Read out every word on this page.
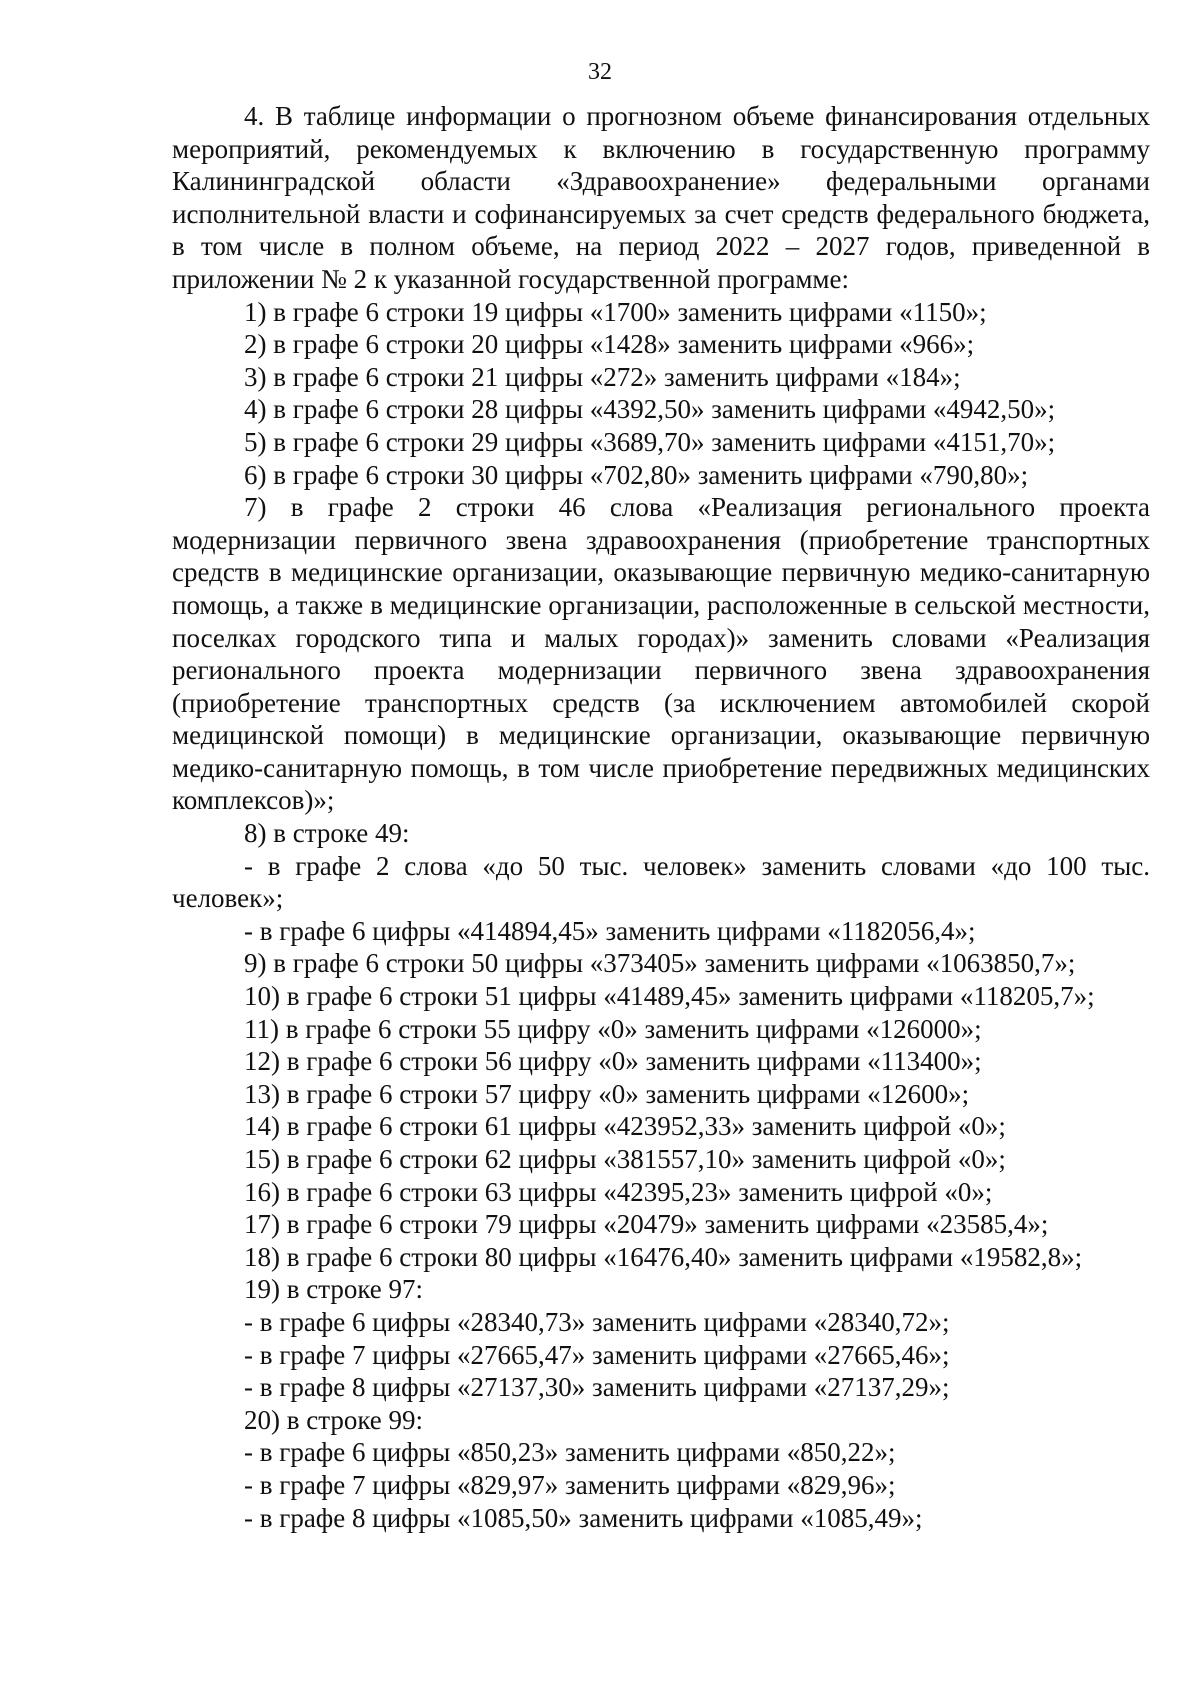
32

4. В таблице информации о прогнозном объеме финансирования отдельных мероприятий, рекомендуемых к включению в государственную программу Калининградской области «Здравоохранение» федеральными органами исполнительной власти и софинансируемых за счет средств федерального бюджета, в том числе в полном объеме, на период 2022 – 2027 годов, приведенной в приложении № 2 к указанной государственной программе:

1) в графе 6 строки 19 цифры «1700» заменить цифрами «1150»;

2) в графе 6 строки 20 цифры «1428» заменить цифрами «966»;

3) в графе 6 строки 21 цифры «272» заменить цифрами «184»;

4) в графе 6 строки 28 цифры «4392,50» заменить цифрами «4942,50»;

5) в графе 6 строки 29 цифры «3689,70» заменить цифрами «4151,70»;

6) в графе 6 строки 30 цифры «702,80» заменить цифрами «790,80»;

7) в графе 2 строки 46 слова «Реализация регионального проекта модернизации первичного звена здравоохранения (приобретение транспортных средств в медицинские организации, оказывающие первичную медико-санитарную помощь, а также в медицинские организации, расположенные в сельской местности, поселках городского типа и малых городах)» заменить словами «Реализация регионального проекта модернизации первичного звена здравоохранения (приобретение транспортных средств (за исключением автомобилей скорой медицинской помощи) в медицинские организации, оказывающие первичную медико-санитарную помощь, в том числе приобретение передвижных медицинских комплексов)»;

8) в строке 49:

- в графе 2 слова «до 50 тыс. человек» заменить словами «до 100 тыс. человек»;

- в графе 6 цифры «414894,45» заменить цифрами «1182056,4»;

9) в графе 6 строки 50 цифры «373405» заменить цифрами «1063850,7»;

10) в графе 6 строки 51 цифры «41489,45» заменить цифрами «118205,7»;

11) в графе 6 строки 55 цифру «0» заменить цифрами «126000»;

12) в графе 6 строки 56 цифру «0» заменить цифрами «113400»;

13) в графе 6 строки 57 цифру «0» заменить цифрами «12600»;

14) в графе 6 строки 61 цифры «423952,33» заменить цифрой «0»;

15) в графе 6 строки 62 цифры «381557,10» заменить цифрой «0»;

16) в графе 6 строки 63 цифры «42395,23» заменить цифрой «0»;

17) в графе 6 строки 79 цифры «20479» заменить цифрами «23585,4»;

18) в графе 6 строки 80 цифры «16476,40» заменить цифрами «19582,8»;

19) в строке 97:

- в графе 6 цифры «28340,73» заменить цифрами «28340,72»;

- в графе 7 цифры «27665,47» заменить цифрами «27665,46»;

- в графе 8 цифры «27137,30» заменить цифрами «27137,29»;

20) в строке 99:

- в графе 6 цифры «850,23» заменить цифрами «850,22»;

- в графе 7 цифры «829,97» заменить цифрами «829,96»;

- в графе 8 цифры «1085,50» заменить цифрами «1085,49»;
